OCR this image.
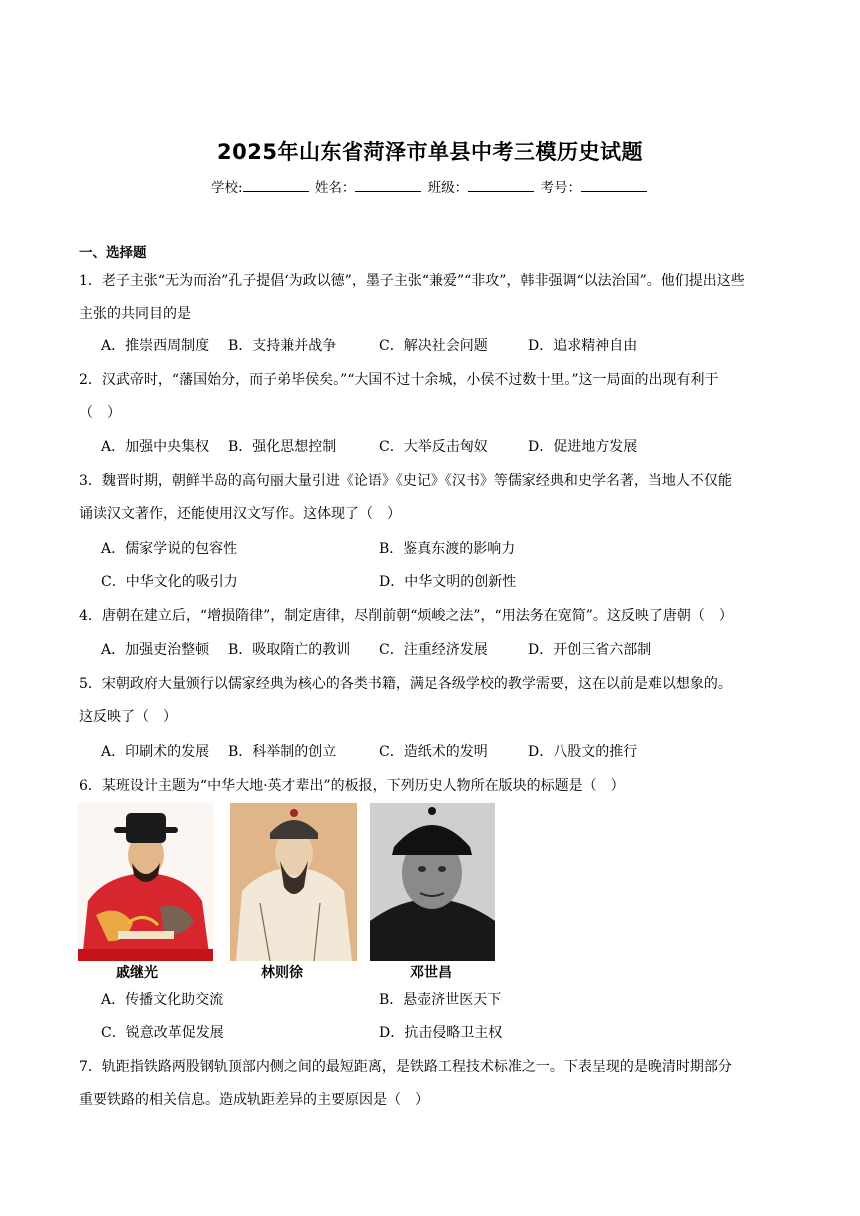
2025年山东省菏泽市单县中考三模历史试题
学校:	姓名：	班级：	考号：
一、选择题
1．老子主张“无为而治”孔子提倡‘为政以德”，墨子主张“兼爱”“非攻”，韩非强调“以法治国”。他们提出这些
主张的共同目的是
A．推崇西周制度 B．支持兼并战争	C．解决社会问题	D．追求精神自由
2．汉武帝时，“藩国始分，而子弟毕侯矣。”“大国不过十余城，小侯不过数十里。”这一局面的出现有利于
（　）
A．加强中央集权 B．强化思想控制	C．大举反击匈奴	D．促进地方发展
3．魏晋时期，朝鲜半岛的高句丽大量引进《论语》《史记》《汉书》等儒家经典和史学名著，当地人不仅能
诵读汉文著作，还能使用汉文写作。这体现了（　）
A．儒家学说的包容性	B．鉴真东渡的影响力
C．中华文化的吸引力	D．中华文明的创新性
4．唐朝在建立后，“增损隋律”，制定唐律，尽削前朝“烦峻之法”，“用法务在宽简”。这反映了唐朝（　）
A．加强吏治整顿 B．吸取隋亡的教训 C．注重经济发展	D．开创三省六部制
5．宋朝政府大量颁行以儒家经典为核心的各类书籍，满足各级学校的教学需要，这在以前是难以想象的。
这反映了（　）
A．印刷术的发展 B．科举制的创立	C．造纸术的发明	D．八股文的推行
6．某班设计主题为“中华大地·英才辈出”的板报，下列历史人物所在版块的标题是（　）
戚继光	林则徐	邓世昌
A．传播文化助交流	B．悬壶济世医天下
C．锐意改革促发展	D．抗击侵略卫主权
7．轨距指铁路两股钢轨顶部内侧之间的最短距离，是铁路工程技术标准之一。下表呈现的是晚清时期部分
重要铁路的相关信息。造成轨距差异的主要原因是（　）
